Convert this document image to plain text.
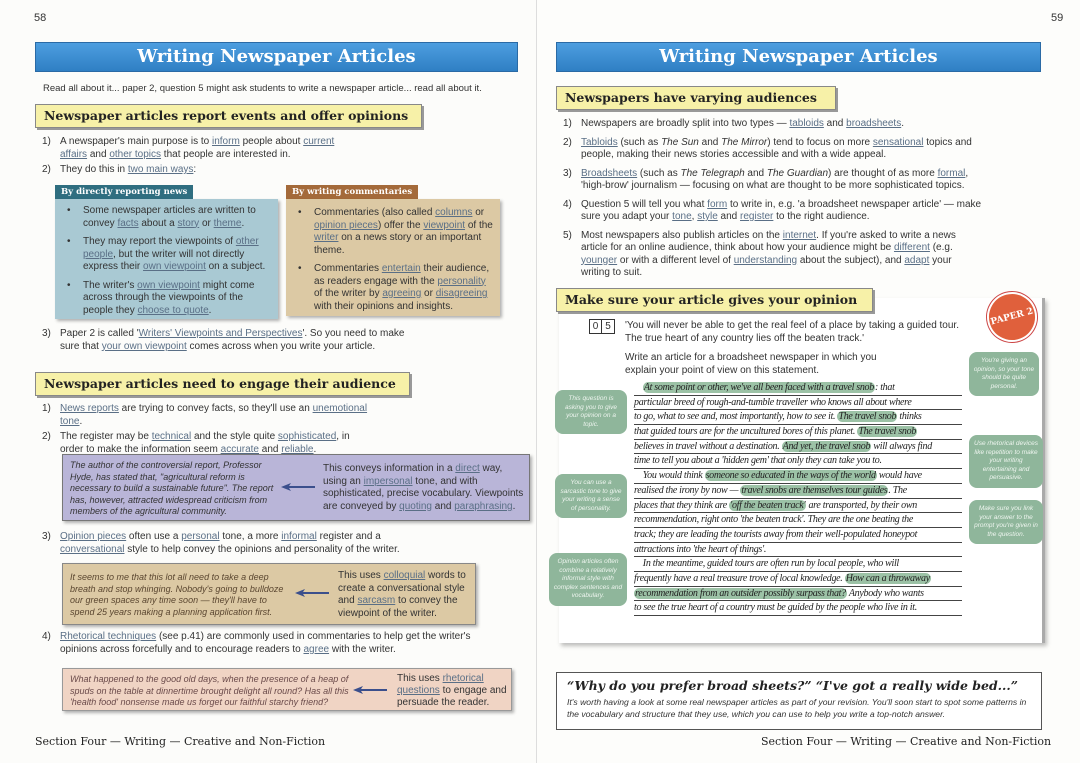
58
Writing Newspaper Articles
Read all about it... paper 2, question 5 might ask students to write a newspaper article... read all about it.
Newspaper articles report events and offer opinions
1) A newspaper's main purpose is to inform people about current affairs and other topics that people are interested in.
2) They do this in two main ways:
By directly reporting news
• Some newspaper articles are written to convey facts about a story or theme.
• They may report the viewpoints of other people, but the writer will not directly express their own viewpoint on a subject.
• The writer's own viewpoint might come across through the viewpoints of the people they choose to quote.
By writing commentaries
• Commentaries (also called columns or opinion pieces) offer the viewpoint of the writer on a news story or an important theme.
• Commentaries entertain their audience, as readers engage with the personality of the writer by agreeing or disagreeing with their opinions and insights.
3) Paper 2 is called 'Writers' Viewpoints and Perspectives'. So you need to make sure that your own viewpoint comes across when you write your article.
Newspaper articles need to engage their audience
1) News reports are trying to convey facts, so they'll use an unemotional tone.
2) The register may be technical and the style quite sophisticated, in order to make the information seem accurate and reliable.
The author of the controversial report, Professor Hyde, has stated that, "agricultural reform is necessary to build a sustainable future". The report has, however, attracted widespread criticism from members of the agricultural community.
This conveys information in a direct way, using an impersonal tone, and with sophisticated, precise vocabulary. Viewpoints are conveyed by quoting and paraphrasing.
3) Opinion pieces often use a personal tone, a more informal register and a conversational style to help convey the opinions and personality of the writer.
It seems to me that this lot all need to take a deep breath and stop whinging. Nobody's going to bulldoze our green spaces any time soon — they'll have to spend 25 years making a planning application first.
This uses colloquial words to create a conversational style and sarcasm to convey the viewpoint of the writer.
4) Rhetorical techniques (see p.41) are commonly used in commentaries to help get the writer's opinions across forcefully and to encourage readers to agree with the writer.
What happened to the good old days, when the presence of a heap of spuds on the table at dinnertime brought delight all round? Has all this 'health food' nonsense made us forget our faithful starchy friend?
This uses rhetorical questions to engage and persuade the reader.
Section Four — Writing — Creative and Non-Fiction
59
Writing Newspaper Articles
Newspapers have varying audiences
1) Newspapers are broadly split into two types — tabloids and broadsheets.
2) Tabloids (such as The Sun and The Mirror) tend to focus on more sensational topics and people, making their news stories accessible and with a wide appeal.
3) Broadsheets (such as The Telegraph and The Guardian) are thought of as more formal, 'high-brow' journalism — focusing on what are thought to be more sophisticated topics.
4) Question 5 will tell you what form to write in, e.g. 'a broadsheet newspaper article' — make sure you adapt your tone, style and register to the right audience.
5) Most newspapers also publish articles on the internet. If you're asked to write a news article for an online audience, think about how your audience might be different (e.g. younger or with a different level of understanding about the subject), and adapt your writing to suit.
Make sure your article gives your opinion
PAPER 2
0 5	'You will never be able to get the real feel of a place by taking a guided tour. The true heart of any country lies off the beaten track.'
Write an article for a broadsheet newspaper in which you explain your point of view on this statement.
At some point or other, we've all been faced with a travel snob: that
particular breed of rough-and-tumble traveller who knows all about where
to go, what to see and, most importantly, how to see it. The travel snob thinks
that guided tours are for the uncultured bores of this planet. The travel snob
believes in travel without a destination. And yet, the travel snob will always find
time to tell you about a 'hidden gem' that only they can take you to.
You would think someone so educated in the ways of the world would have
realised the irony by now — travel snobs are themselves tour guides. The
places that they think are 'off the beaten track' are transported, by their own
recommendation, right onto 'the beaten track'. They are the one beating the
track; they are leading the tourists away from their well-populated honeypot
attractions into 'the heart of things'.
In the meantime, guided tours are often run by local people, who will
frequently have a real treasure trove of local knowledge. How can a throwaway
recommendation from an outsider possibly surpass that? Anybody who wants
to see the true heart of a country must be guided by the people who live in it.
This question is asking you to give your opinion on a topic.
You can use a sarcastic tone to give your writing a sense of personality.
Opinion articles often combine a relatively informal style with complex sentences and vocabulary.
You're giving an opinion, so your tone should be quite personal.
Use rhetorical devices like repetition to make your writing entertaining and persuasive.
Make sure you link your answer to the prompt you're given in the question.
“Why do you prefer broad sheets?” “I've got a really wide bed...”
It's worth having a look at some real newspaper articles as part of your revision. You'll soon start to spot some patterns in the vocabulary and structure that they use, which you can use to help you write a top-notch answer.
Section Four — Writing — Creative and Non-Fiction
